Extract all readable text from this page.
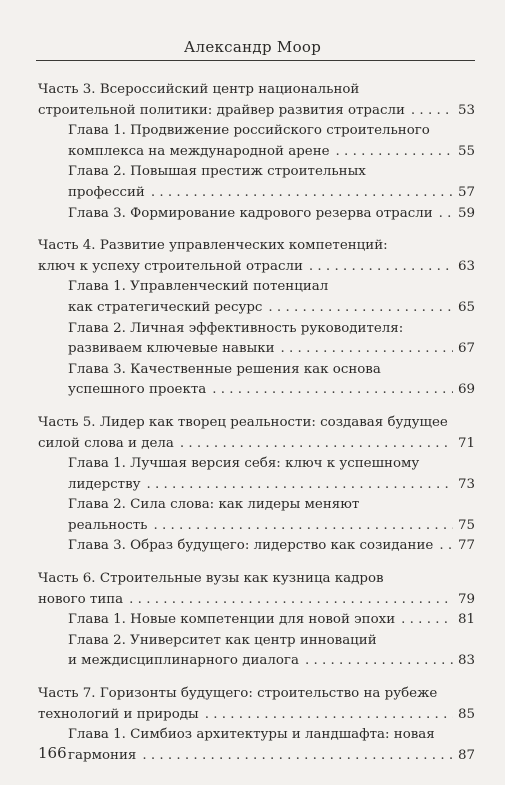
Александр Моор
Часть 3. Всероссийский центр национальной
строительной политики: драйвер развития отрасли . . .	53
Глава 1. Продвижение российского строительного
комплекса на международной арене . . .	55
Глава 2. Повышая престиж строительных
профессий . . .	57
Глава 3. Формирование кадрового резерва отрасли . . . 59
Часть 4. Развитие управленческих компетенций:
ключ к успеху строительной отрасли . . .	63
Глава 1. Управленческий потенциал
как стратегический ресурс . . .	65
Глава 2. Личная эффективность руководителя:
развиваем ключевые навыки . . .	67
Глава 3. Качественные решения как основа
успешного проекта . . .	69
Часть 5. Лидер как творец реальности: создавая будущее
силой слова и дела . . .	71
Глава 1. Лучшая версия себя: ключ к успешному
лидерству . . .	73
Глава 2. Сила слова: как лидеры меняют
реальность . . .	75
Глава 3. Образ будущего: лидерство как созидание . . . 77
Часть 6. Строительные вузы как кузница кадров
нового типа . . .	79
Глава 1. Новые компетенции для новой эпохи . . .	81
Глава 2. Университет как центр инноваций
и междисциплинарного диалога . . .	83
Часть 7. Горизонты будущего: строительство на рубеже
технологий и природы . . .	85
Глава 1. Симбиоз архитектуры и ландшафта: новая
гармония . . .	87
166
